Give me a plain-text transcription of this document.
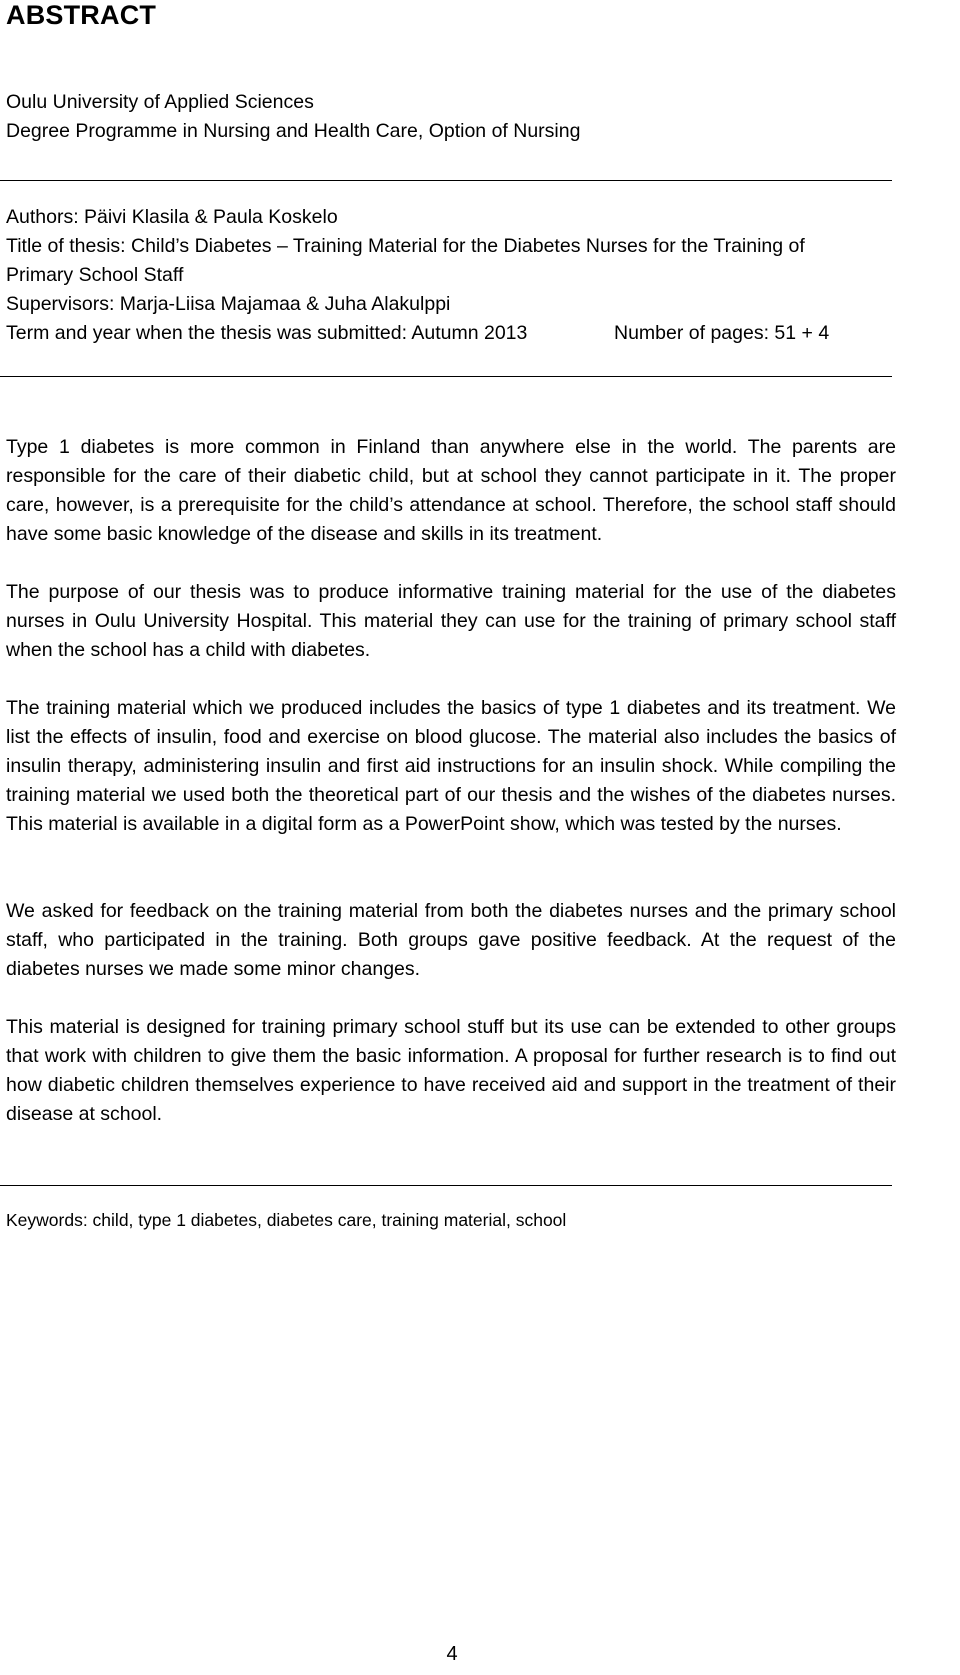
ABSTRACT
Oulu University of Applied Sciences
Degree Programme in Nursing and Health Care, Option of Nursing
Authors: Päivi Klasila & Paula Koskelo
Title of thesis: Child’s Diabetes – Training Material for the Diabetes Nurses for the Training of
Primary School Staff
Supervisors: Marja-Liisa Majamaa & Juha Alakulppi
Term and year when the thesis was submitted: Autumn 2013	Number of pages: 51 + 4

Type 1 diabetes is more common in Finland than anywhere else in the world. The parents are responsible for the care of their diabetic child, but at school they cannot participate in it. The proper care, however, is a prerequisite for the child’s attendance at school. Therefore, the school staff should have some basic knowledge of the disease and skills in its treatment.

The purpose of our thesis was to produce informative training material for the use of the diabetes nurses in Oulu University Hospital. This material they can use for the training of primary school staff when the school has a child with diabetes.

The training material which we produced includes the basics of type 1 diabetes and its treatment. We list the effects of insulin, food and exercise on blood glucose. The material also includes the basics of insulin therapy, administering insulin and first aid instructions for an insulin shock. While compiling the training material we used both the theoretical part of our thesis and the wishes of the diabetes nurses. This material is available in a digital form as a PowerPoint show, which was tested by the nurses.

We asked for feedback on the training material from both the diabetes nurses and the primary school staff, who participated in the training. Both groups gave positive feedback. At the request of the diabetes nurses we made some minor changes.

This material is designed for training primary school stuff but its use can be extended to other groups that work with children to give them the basic information. A proposal for further research is to find out how diabetic children themselves experience to have received aid and support in the treatment of their disease at school.

Keywords: child, type 1 diabetes, diabetes care, training material, school
4
